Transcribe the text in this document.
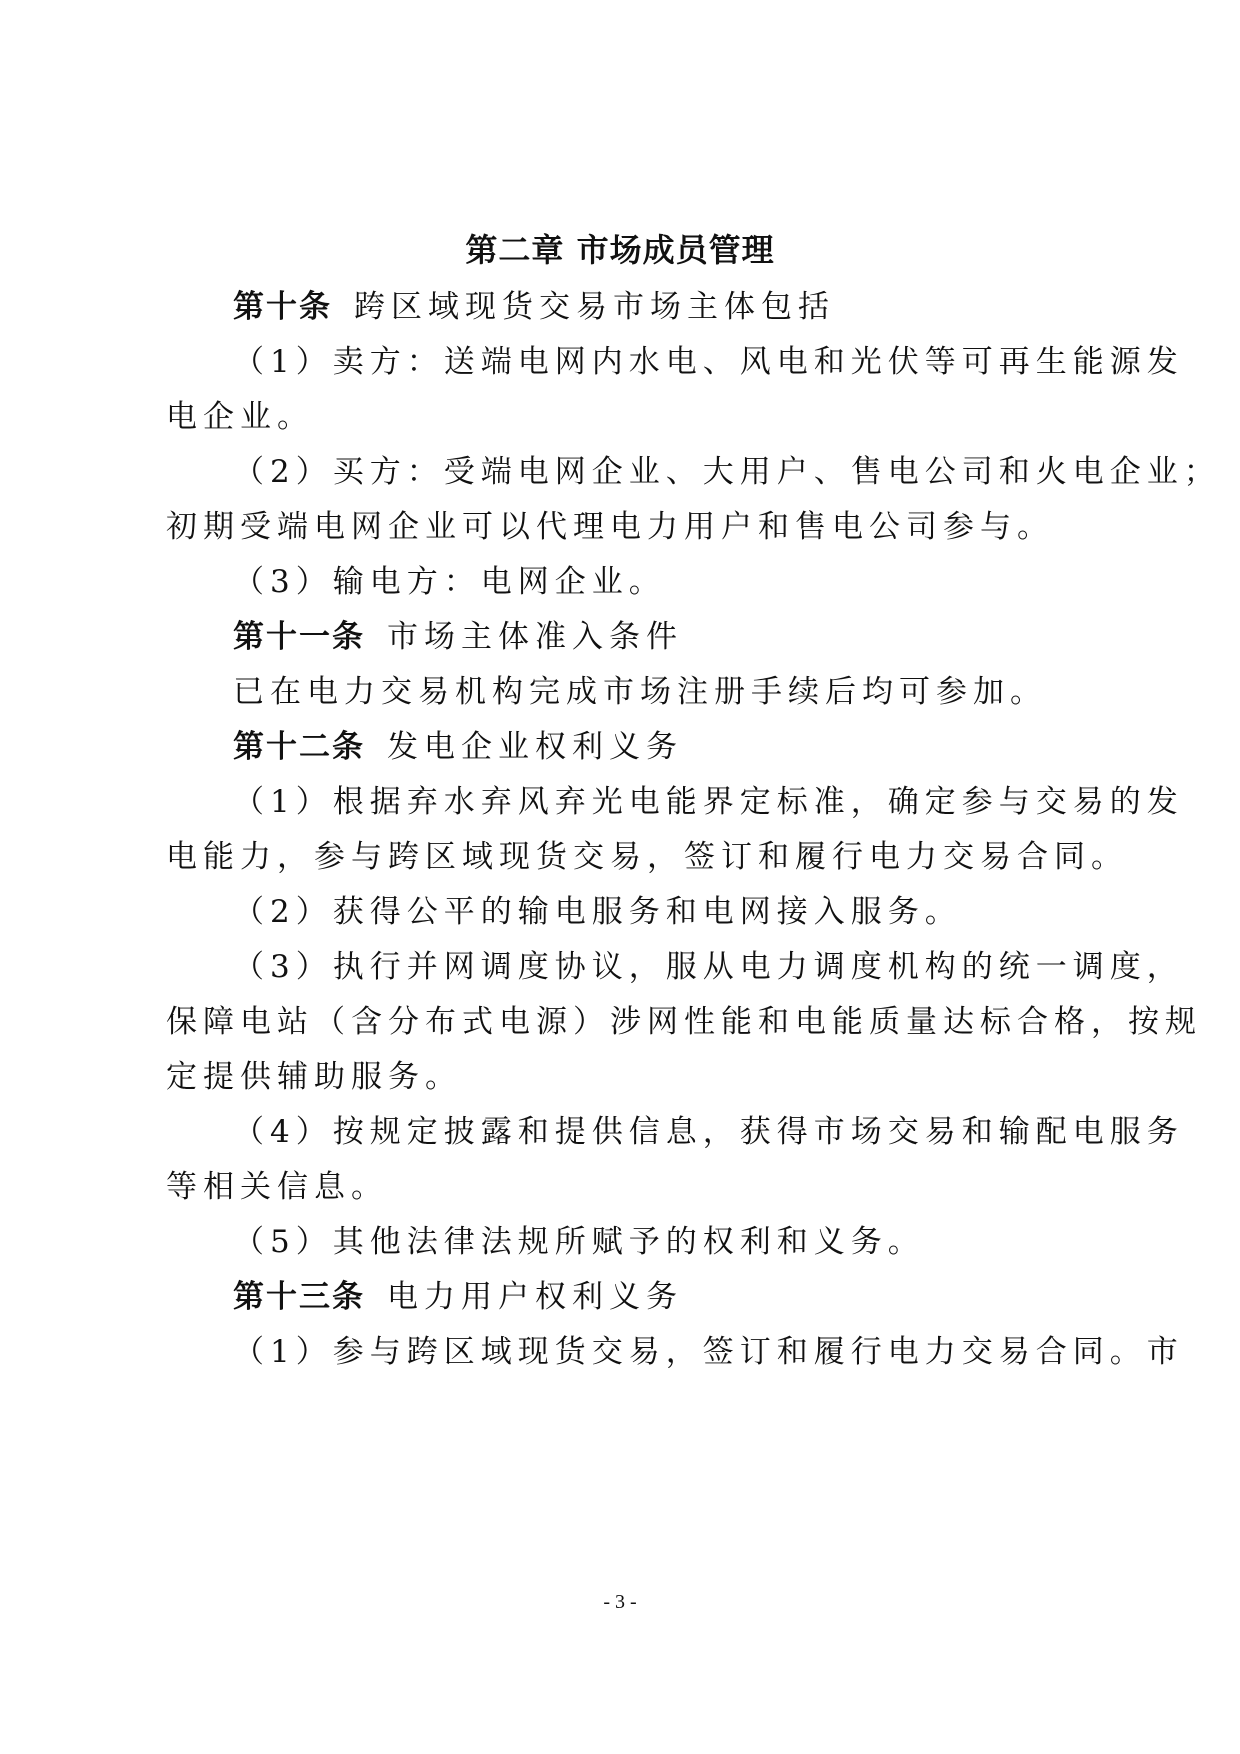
第二章 市场成员管理
第十条 跨区域现货交易市场主体包括
（1）卖方：送端电网内水电、风电和光伏等可再生能源发
电企业。
（2）买方：受端电网企业、大用户、售电公司和火电企业；
初期受端电网企业可以代理电力用户和售电公司参与。
（3）输电方：电网企业。
第十一条 市场主体准入条件
已在电力交易机构完成市场注册手续后均可参加。
第十二条 发电企业权利义务
（1）根据弃水弃风弃光电能界定标准，确定参与交易的发
电能力，参与跨区域现货交易，签订和履行电力交易合同。
（2）获得公平的输电服务和电网接入服务。
（3）执行并网调度协议，服从电力调度机构的统一调度，
保障电站（含分布式电源）涉网性能和电能质量达标合格，按规
定提供辅助服务。
（4）按规定披露和提供信息，获得市场交易和输配电服务
等相关信息。
（5）其他法律法规所赋予的权利和义务。
第十三条 电力用户权利义务
（1）参与跨区域现货交易，签订和履行电力交易合同。市
- 3 -
